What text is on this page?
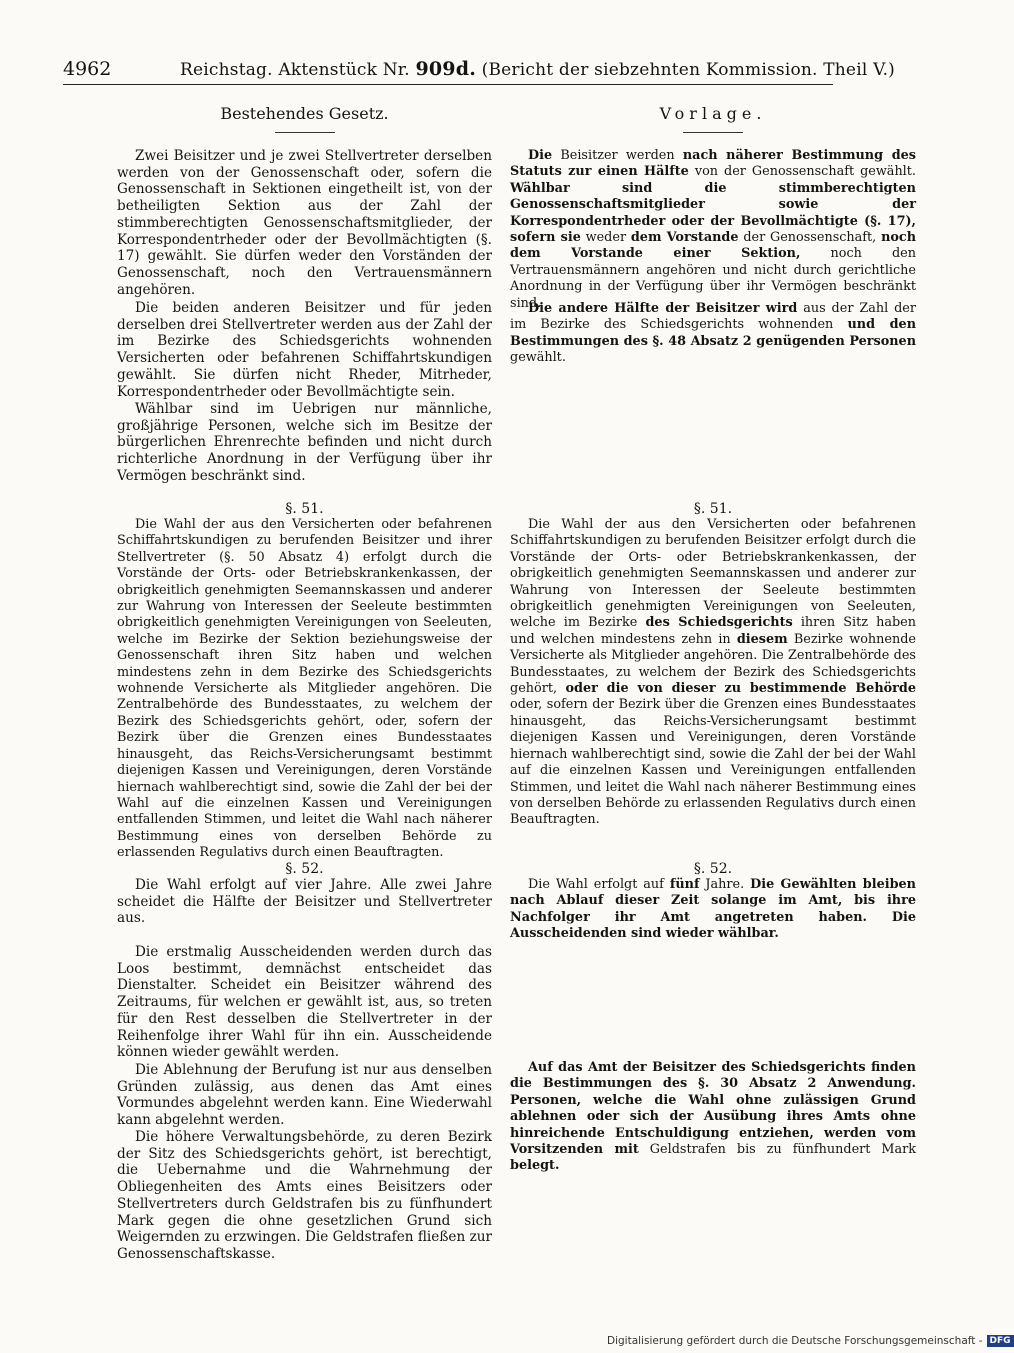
4962	Reichstag. Aktenstück Nr. 909d. (Bericht der siebzehnten Kommission. Theil V.)
Bestehendes Gesetz.

Zwei Beisitzer und je zwei Stellvertreter derselben werden von der Genossenschaft oder, sofern die Genossenschaft in Sektionen eingetheilt ist, von der betheiligten Sektion aus der Zahl der stimmberechtigten Genossenschaftsmitglieder, der Korrespondentrheder oder der Bevollmächtigten (§. 17) gewählt. Sie dürfen weder den Vorständen der Genossenschaft, noch den Vertrauensmännern angehören.

Die beiden anderen Beisitzer und für jeden derselben drei Stellvertreter werden aus der Zahl der im Bezirke des Schiedsgerichts wohnenden Versicherten oder befahrenen Schiffahrtskundigen gewählt. Sie dürfen nicht Rheder, Mitrheder, Korrespondentrheder oder Bevollmächtigte sein.

Wählbar sind im Uebrigen nur männliche, großjährige Personen, welche sich im Besitze der bürgerlichen Ehrenrechte befinden und nicht durch richterliche Anordnung in der Verfügung über ihr Vermögen beschränkt sind.

§. 51.

Die Wahl der aus den Versicherten oder befahrenen Schiffahrtskundigen zu berufenden Beisitzer und ihrer Stellvertreter (§. 50 Absatz 4) erfolgt durch die Vorstände der Orts- oder Betriebskrankenkassen, der obrigkeitlich genehmigten Seemannskassen und anderer zur Wahrung von Interessen der Seeleute bestimmten obrigkeitlich genehmigten Vereinigungen von Seeleuten, welche im Bezirke der Sektion beziehungsweise der Genossenschaft ihren Sitz haben und welchen mindestens zehn in dem Bezirke des Schiedsgerichts wohnende Versicherte als Mitglieder angehören. Die Zentralbehörde des Bundesstaates, zu welchem der Bezirk des Schiedsgerichts gehört, oder, sofern der Bezirk über die Grenzen eines Bundesstaates hinausgeht, das Reichs-Versicherungsamt bestimmt diejenigen Kassen und Vereinigungen, deren Vorstände hiernach wahlberechtigt sind, sowie die Zahl der bei der Wahl auf die einzelnen Kassen und Vereinigungen entfallenden Stimmen, und leitet die Wahl nach näherer Bestimmung eines von derselben Behörde zu erlassenden Regulativs durch einen Beauftragten.

§. 52.

Die Wahl erfolgt auf vier Jahre. Alle zwei Jahre scheidet die Hälfte der Beisitzer und Stellvertreter aus.

Die erstmalig Ausscheidenden werden durch das Loos bestimmt, demnächst entscheidet das Dienstalter. Scheidet ein Beisitzer während des Zeitraums, für welchen er gewählt ist, aus, so treten für den Rest desselben die Stellvertreter in der Reihenfolge ihrer Wahl für ihn ein. Ausscheidende können wieder gewählt werden.

Die Ablehnung der Berufung ist nur aus denselben Gründen zulässig, aus denen das Amt eines Vormundes abgelehnt werden kann. Eine Wiederwahl kann abgelehnt werden.

Die höhere Verwaltungsbehörde, zu deren Bezirk der Sitz des Schiedsgerichts gehört, ist berechtigt, die Uebernahme und die Wahrnehmung der Obliegenheiten des Amts eines Beisitzers oder Stellvertreters durch Geldstrafen bis zu fünfhundert Mark gegen die ohne gesetzlichen Grund sich Weigernden zu erzwingen. Die Geldstrafen fließen zur Genossenschaftskasse.

Vorlage.

Die Beisitzer werden nach näherer Bestimmung des Statuts zur einen Hälfte von der Genossenschaft gewählt. Wählbar sind die stimmberechtigten Genossenschaftsmitglieder sowie der Korrespondentrheder oder der Bevollmächtigte (§. 17), sofern sie weder dem Vorstande der Genossenschaft, noch dem Vorstande einer Sektion, noch den Vertrauensmännern angehören und nicht durch gerichtliche Anordnung in der Verfügung über ihr Vermögen beschränkt sind.

Die andere Hälfte der Beisitzer wird aus der Zahl der im Bezirke des Schiedsgerichts wohnenden und den Bestimmungen des §. 48 Absatz 2 genügenden Personen gewählt.

§. 51.

Die Wahl der aus den Versicherten oder befahrenen Schiffahrtskundigen zu berufenden Beisitzer erfolgt durch die Vorstände der Orts- oder Betriebskrankenkassen, der obrigkeitlich genehmigten Seemannskassen und anderer zur Wahrung von Interessen der Seeleute bestimmten obrigkeitlich genehmigten Vereinigungen von Seeleuten, welche im Bezirke des Schiedsgerichts ihren Sitz haben und welchen mindestens zehn in diesem Bezirke wohnende Versicherte als Mitglieder angehören. Die Zentralbehörde des Bundesstaates, zu welchem der Bezirk des Schiedsgerichts gehört, oder die von dieser zu bestimmende Behörde oder, sofern der Bezirk über die Grenzen eines Bundesstaates hinausgeht, das Reichs-Versicherungsamt bestimmt diejenigen Kassen und Vereinigungen, deren Vorstände hiernach wahlberechtigt sind, sowie die Zahl der bei der Wahl auf die einzelnen Kassen und Vereinigungen entfallenden Stimmen, und leitet die Wahl nach näherer Bestimmung eines von derselben Behörde zu erlassenden Regulativs durch einen Beauftragten.

§. 52.

Die Wahl erfolgt auf fünf Jahre. Die Gewählten bleiben nach Ablauf dieser Zeit solange im Amt, bis ihre Nachfolger ihr Amt angetreten haben. Die Ausscheidenden sind wieder wählbar.

Auf das Amt der Beisitzer des Schiedsgerichts finden die Bestimmungen des §. 30 Absatz 2 Anwendung. Personen, welche die Wahl ohne zulässigen Grund ablehnen oder sich der Ausübung ihres Amts ohne hinreichende Entschuldigung entziehen, werden vom Vorsitzenden mit Geldstrafen bis zu fünfhundert Mark belegt.

Digitalisierung gefördert durch die Deutsche Forschungsgemeinschaft - DFG
